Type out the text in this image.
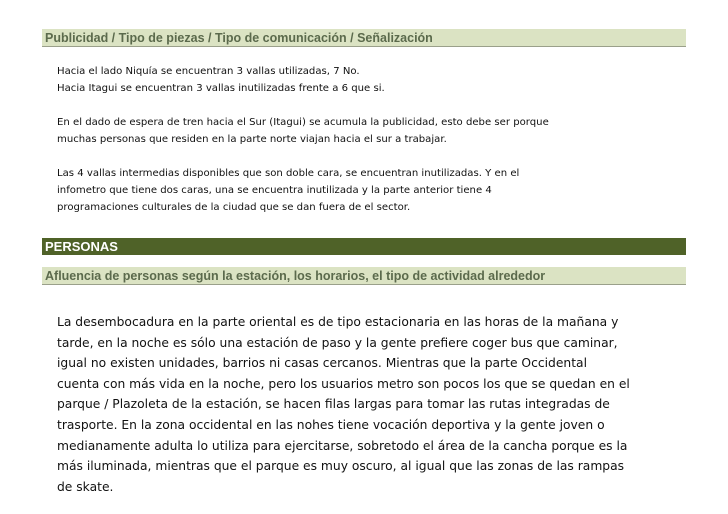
Publicidad / Tipo de piezas / Tipo de comunicación / Señalización

Hacia el lado Niquía se encuentran 3 vallas utilizadas, 7 No.
Hacia Itagui se encuentran 3 vallas inutilizadas frente a 6 que si.

En el dado de espera de tren hacia el Sur (Itagui) se acumula la publicidad, esto debe ser porque
muchas personas que residen en la parte norte viajan hacia el sur a trabajar.

Las 4 vallas intermedias disponibles que son doble cara, se encuentran inutilizadas. Y en el
infometro que tiene dos caras, una se encuentra inutilizada y la parte anterior tiene 4
programaciones culturales de la ciudad que se dan fuera de el sector.

PERSONAS
Afluencia de personas según la estación, los horarios, el tipo de actividad alrededor

La desembocadura en la parte oriental es de tipo estacionaria en las horas de la mañana y
tarde, en la noche es sólo una estación de paso y la gente prefiere coger bus que caminar,
igual no existen unidades, barrios ni casas cercanos. Mientras que la parte Occidental
cuenta con más vida en la noche, pero los usuarios metro son pocos los que se quedan en el
parque / Plazoleta de la estación, se hacen filas largas para tomar las rutas integradas de
trasporte. En la zona occidental en las nohes tiene vocación deportiva y la gente joven o
medianamente adulta lo utiliza para ejercitarse, sobretodo el área de la cancha porque es la
más iluminada, mientras que el parque es muy oscuro, al igual que las zonas de las rampas
de skate.
